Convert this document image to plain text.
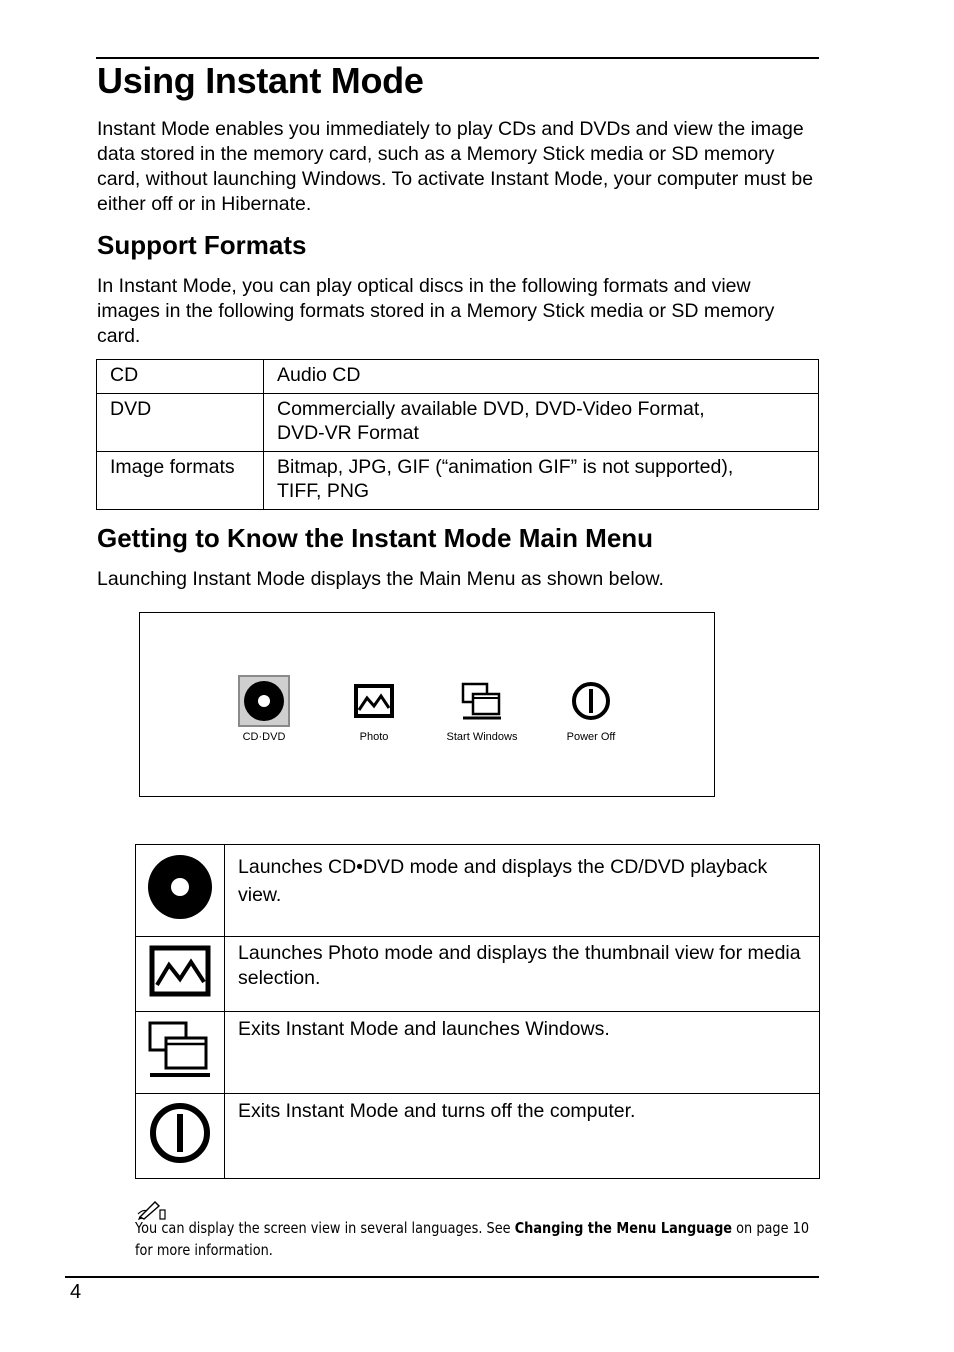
Using Instant Mode

Instant Mode enables you immediately to play CDs and DVDs and view the image data stored in the memory card, such as a Memory Stick media or SD memory card, without launching Windows. To activate Instant Mode, your computer must be either off or in Hibernate.

Support Formats

In Instant Mode, you can play optical discs in the following formats and view images in the following formats stored in a Memory Stick media or SD memory card.

CD	Audio CD
DVD	Commercially available DVD, DVD-Video Format, DVD-VR Format
Image formats	Bitmap, JPG, GIF (“animation GIF” is not supported), TIFF, PNG
Getting to Know the Instant Mode Main Menu

Launching Instant Mode displays the Main Menu as shown below.

CD·DVD	Photo	Start Windows	Power Off
	Launches CD•DVD mode and displays the CD/DVD playback view.
	Launches Photo mode and displays the thumbnail view for media selection.
	Exits Instant Mode and launches Windows.
	Exits Instant Mode and turns off the computer.
You can display the screen view in several languages. See Changing the Menu Language on page 10 for more information.
4
